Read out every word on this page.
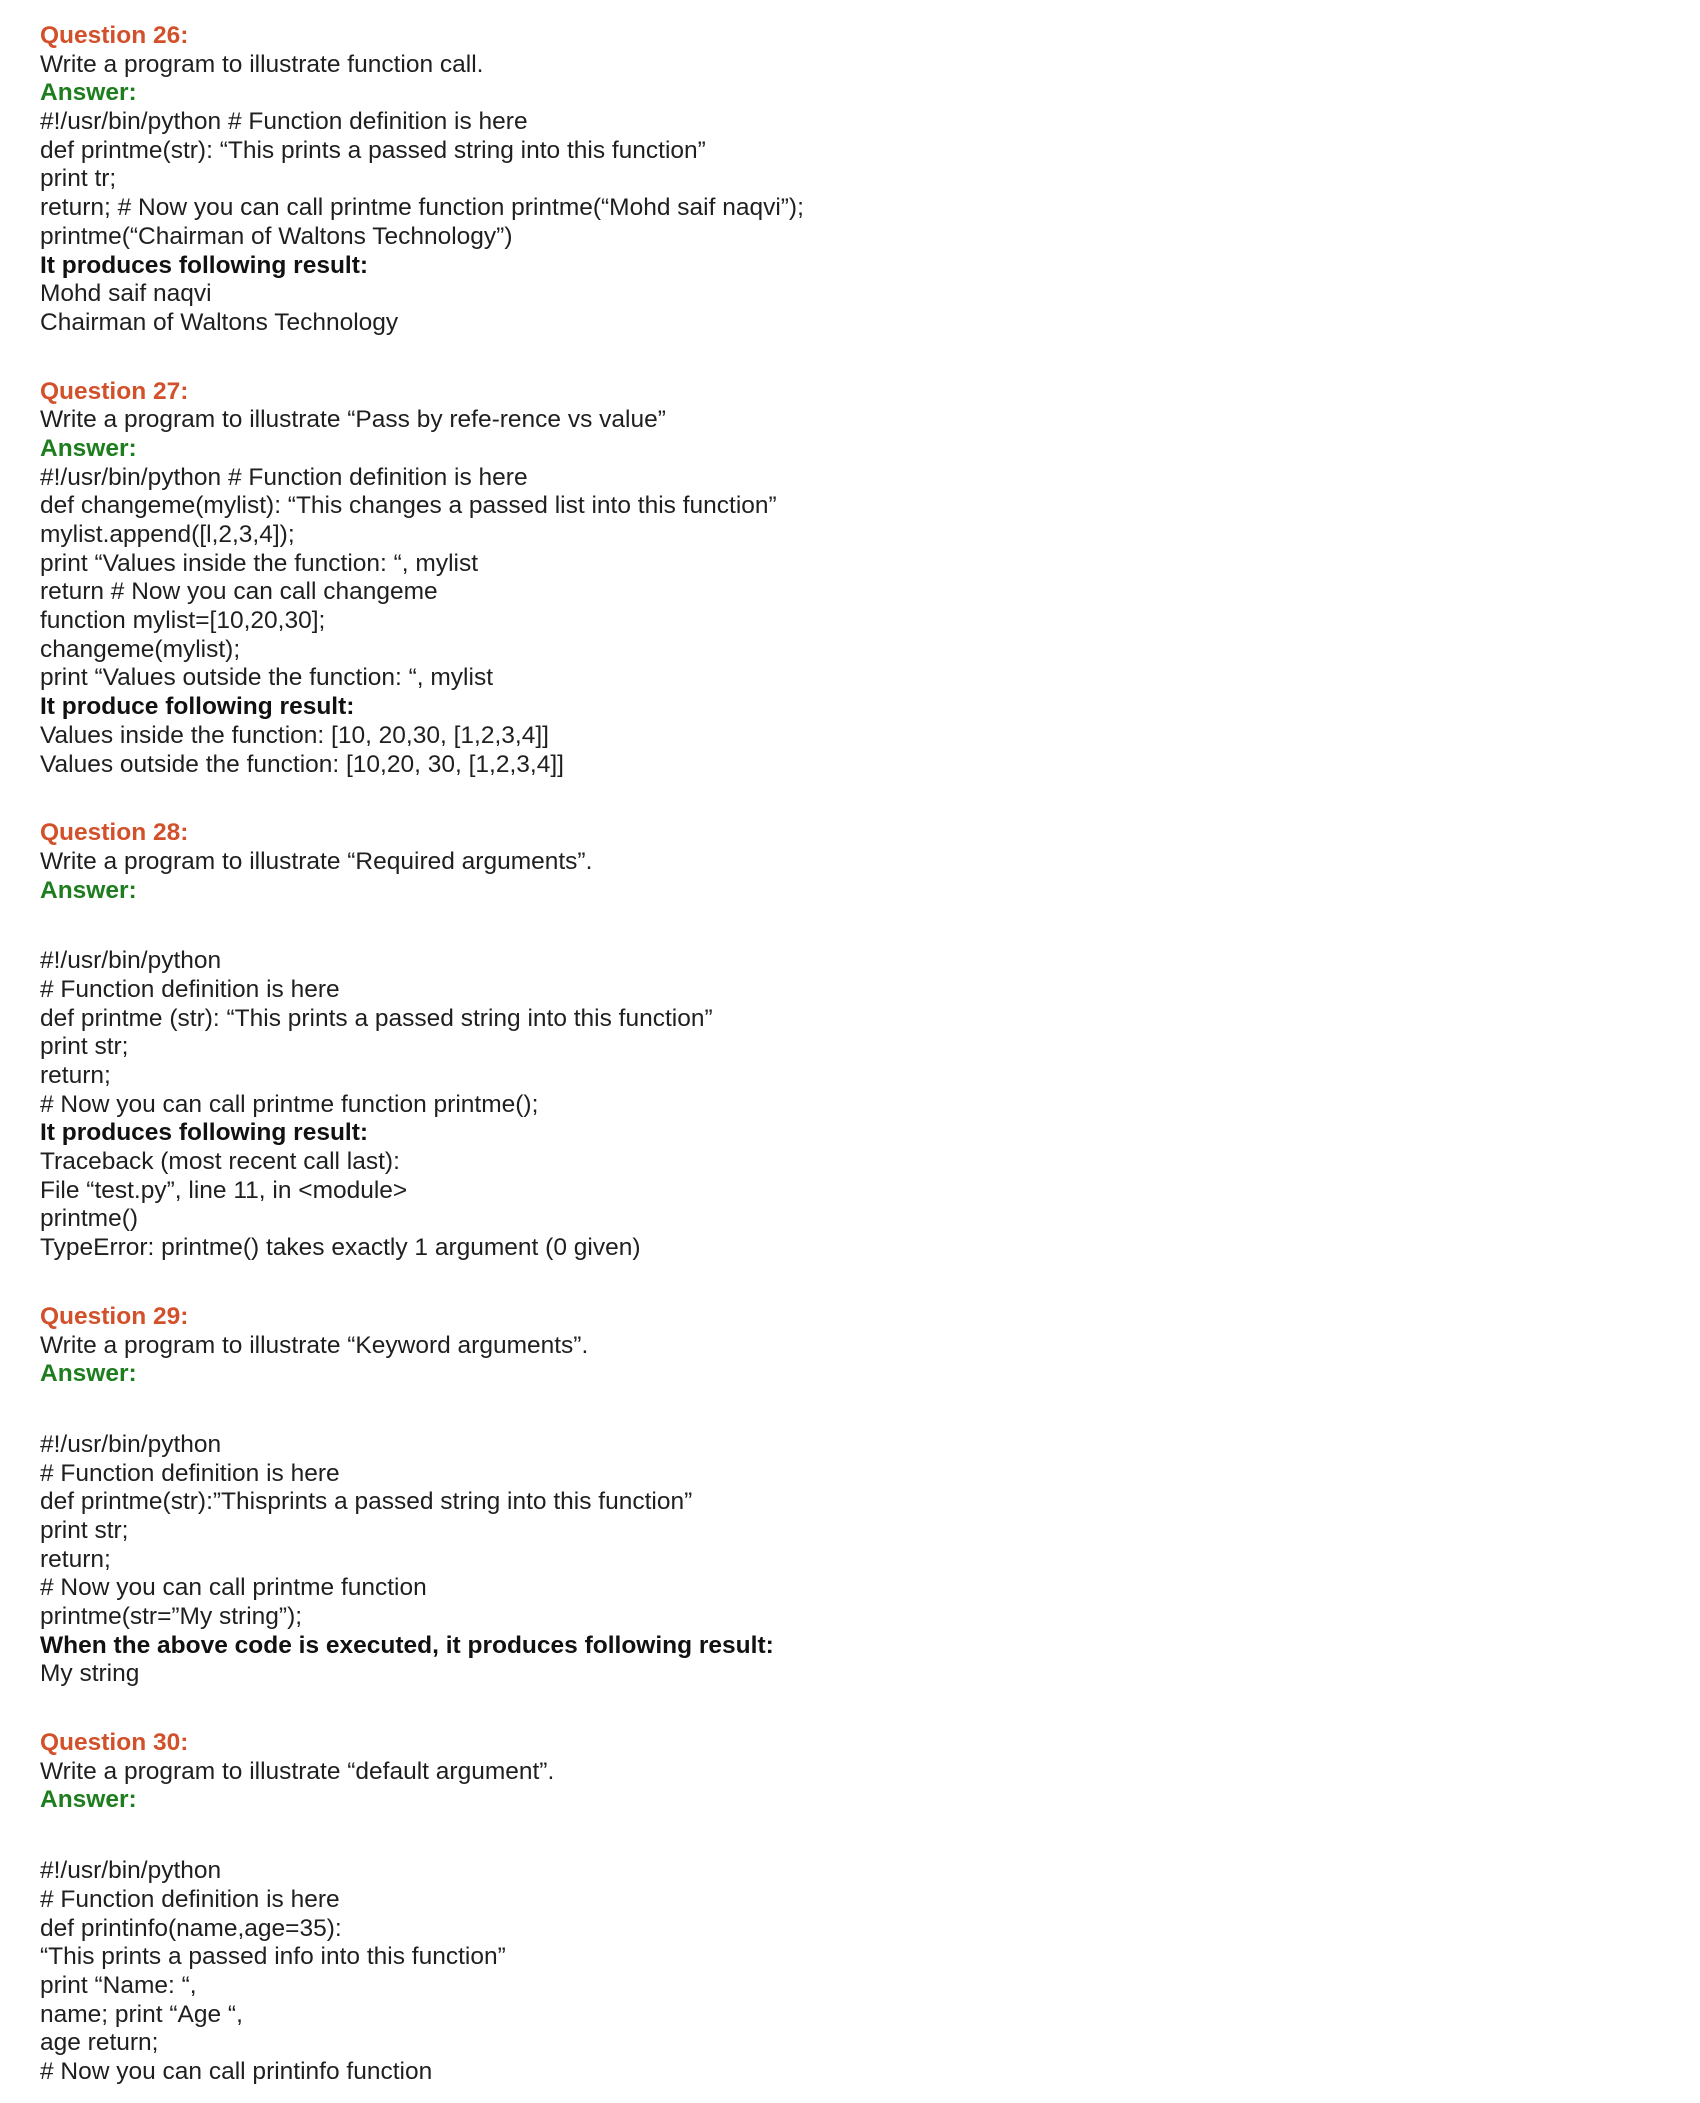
Question 26:
Write a program to illustrate function call.
Answer:
#!/usr/bin/python # Function definition is here
def printme(str): “This prints a passed string into this function”
print tr;
return; # Now you can call printme function printme(“Mohd saif naqvi”);
printme(“Chairman of Waltons Technology”)
It produces following result:
Mohd saif naqvi
Chairman of Waltons Technology
Question 27:
Write a program to illustrate “Pass by refe-rence vs value”
Answer:
#!/usr/bin/python # Function definition is here
def changeme(mylist): “This changes a passed list into this function”
mylist.append([l,2,3,4]);
print “Values inside the function: “, mylist
return # Now you can call changeme
function mylist=[10,20,30];
changeme(mylist);
print “Values outside the function: “, mylist
It produce following result:
Values inside the function: [10, 20,30, [1,2,3,4]]
Values outside the function: [10,20, 30, [1,2,3,4]]
Question 28:
Write a program to illustrate “Required arguments”.
Answer:
#!/usr/bin/python
# Function definition is here
def printme (str): “This prints a passed string into this function”
print str;
return;
# Now you can call printme function printme();
It produces following result:
Traceback (most recent call last):
File “test.py”, line 11, in <module>
printme()
TypeError: printme() takes exactly 1 argument (0 given)
Question 29:
Write a program to illustrate “Keyword arguments”.
Answer:
#!/usr/bin/python
# Function definition is here
def printme(str):”Thisprints a passed string into this function”
print str;
return;
# Now you can call printme function
printme(str=”My string”);
When the above code is executed, it produces following result:
My string
Question 30:
Write a program to illustrate “default argument”.
Answer:
#!/usr/bin/python
# Function definition is here
def printinfo(name,age=35):
“This prints a passed info into this function”
print “Name: “,
name; print “Age “,
age return;
# Now you can call printinfo function
